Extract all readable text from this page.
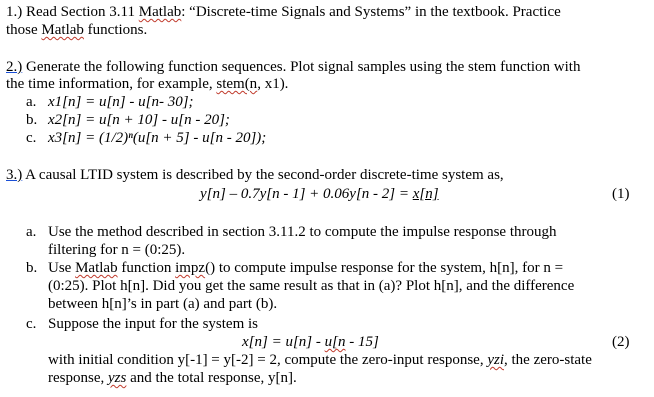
1.) Read Section 3.11 Matlab: “Discrete-time Signals and Systems” in the textbook. Practice
those Matlab functions.
2.) Generate the following function sequences. Plot signal samples using the stem function with
the time information, for example, stem(n, x1).
a. x1[n] = u[n] - u[n- 30];
b. x2[n] = u[n + 10] - u[n - 20];
c. x3[n] = (1/2)ⁿ(u[n + 5] - u[n - 20]);
3.) A causal LTID system is described by the second-order discrete-time system as,
y[n] – 0.7y[n - 1] + 0.06y[n - 2] = x[n]	(1)
a. Use the method described in section 3.11.2 to compute the impulse response through
filtering for n = (0:25).
b. Use Matlab function impz() to compute impulse response for the system, h[n], for n =
(0:25). Plot h[n]. Did you get the same result as that in (a)? Plot h[n], and the difference
between h[n]’s in part (a) and part (b).
c. Suppose the input for the system is
x[n] = u[n] - u[n - 15]	(2)
with initial condition y[-1] = y[-2] = 2, compute the zero-input response, yzi, the zero-state
response, yzs and the total response, y[n].
